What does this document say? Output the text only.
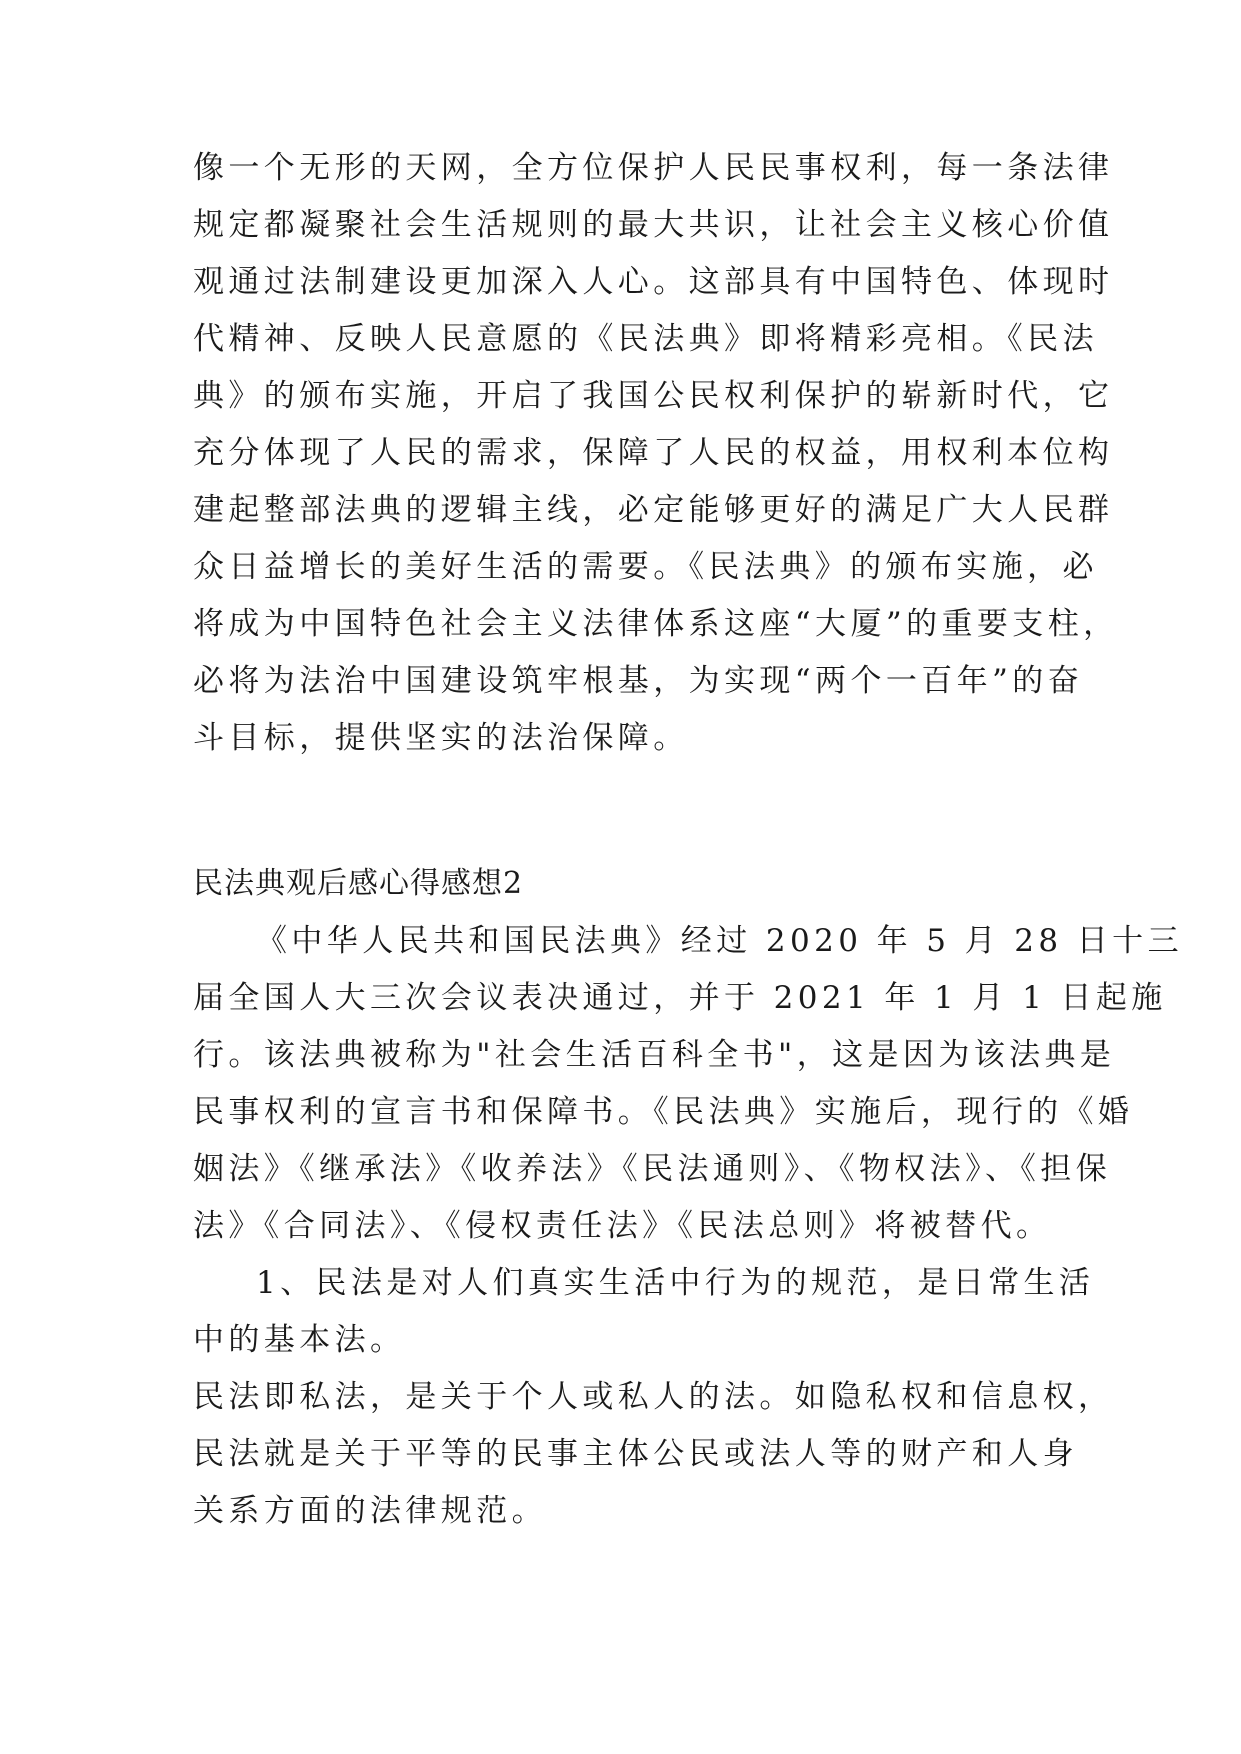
像一个无形的天网，全方位保护人民民事权利，每一条法律
规定都凝聚社会生活规则的最大共识，让社会主义核心价值
观通过法制建设更加深入人心。这部具有中国特色、体现时
代精神、反映人民意愿的《民法典》即将精彩亮相。《民法
典》的颁布实施，开启了我国公民权利保护的崭新时代，它
充分体现了人民的需求，保障了人民的权益，用权利本位构
建起整部法典的逻辑主线，必定能够更好的满足广大人民群
众日益增长的美好生活的需要。《民法典》的颁布实施，必
将成为中国特色社会主义法律体系这座“大厦”的重要支柱，
必将为法治中国建设筑牢根基，为实现“两个一百年”的奋
斗目标，提供坚实的法治保障。
民法典观后感心得感想2
《中华人民共和国民法典》经过 2020 年 5 月 28 日十三
届全国人大三次会议表决通过，并于 2021 年 1 月 1 日起施
行。该法典被称为"社会生活百科全书"，这是因为该法典是
民事权利的宣言书和保障书。《民法典》实施后，现行的《婚
姻法》《继承法》《收养法》《民法通则》、《物权法》、《担保
法》《合同法》、《侵权责任法》《民法总则》将被替代。
1、民法是对人们真实生活中行为的规范，是日常生活
中的基本法。
民法即私法，是关于个人或私人的法。如隐私权和信息权，
民法就是关于平等的民事主体公民或法人等的财产和人身
关系方面的法律规范。
